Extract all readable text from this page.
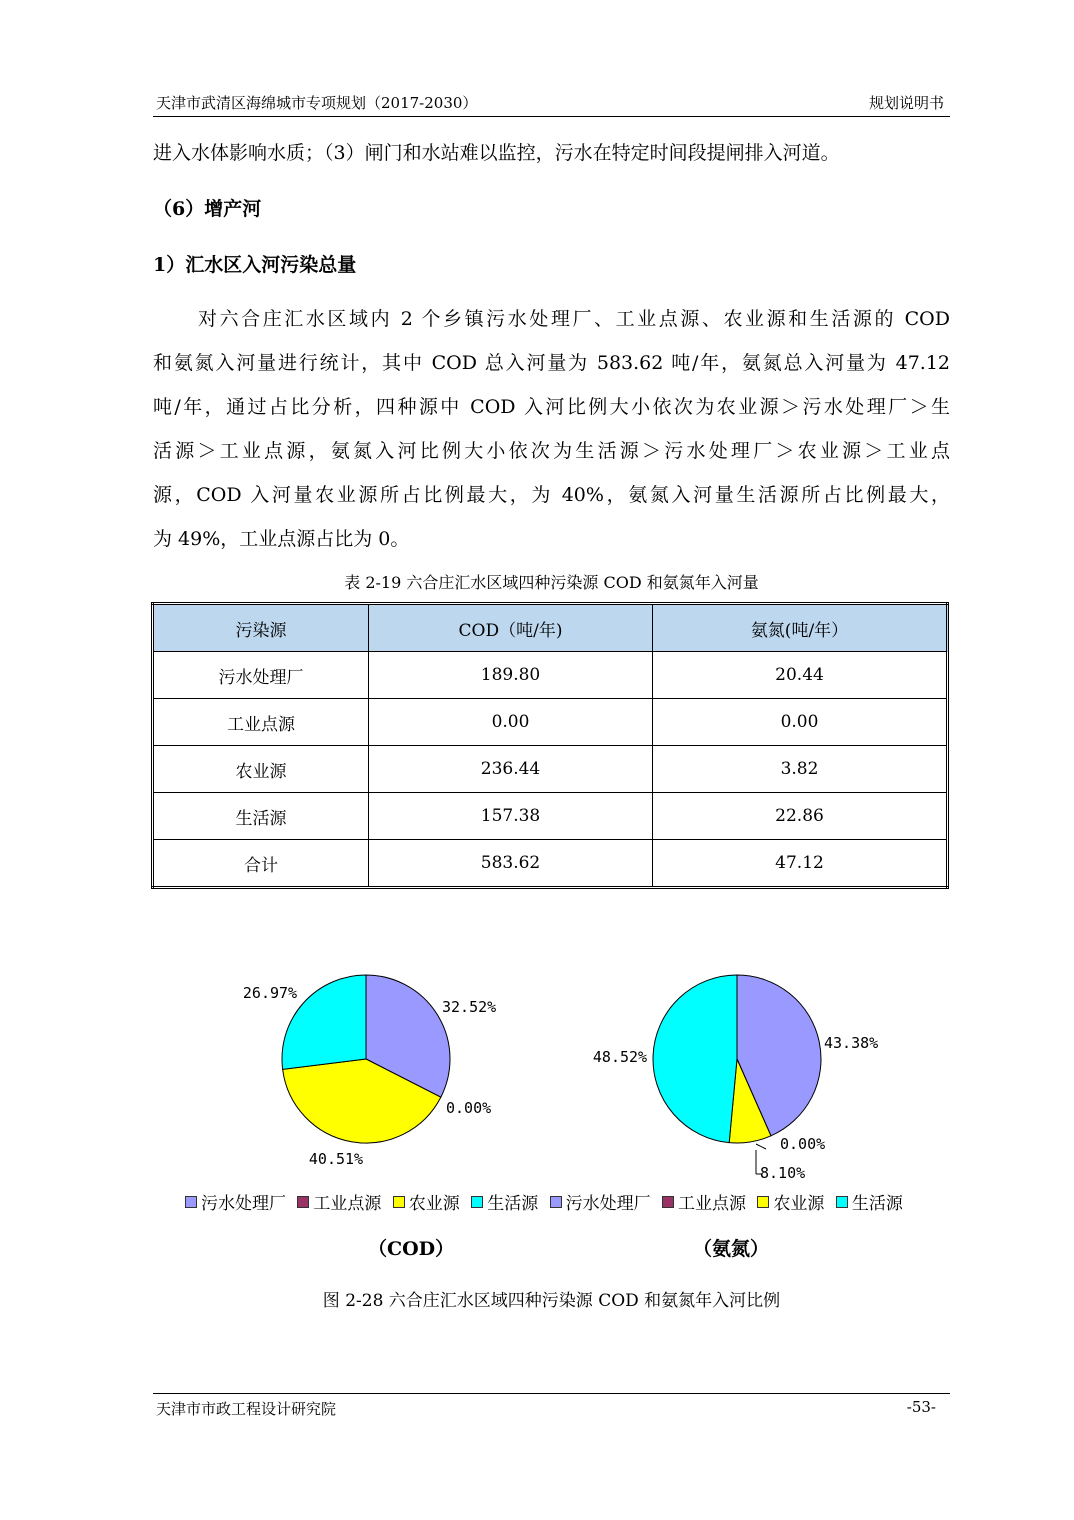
天津市武清区海绵城市专项规划（2017-2030）	规划说明书
进入水体影响水质；（3）闸门和水站难以监控，污水在特定时间段提闸排入河道。
（6）增产河
1）汇水区入河污染总量
对六合庄汇水区域内 2 个乡镇污水处理厂、工业点源、农业源和生活源的 COD
和氨氮入河量进行统计，其中 COD 总入河量为 583.62 吨/年，氨氮总入河量为 47.12
吨/年，通过占比分析，四种源中 COD 入河比例大小依次为农业源＞污水处理厂＞生
活源＞工业点源，氨氮入河比例大小依次为生活源＞污水处理厂＞农业源＞工业点
源，COD 入河量农业源所占比例最大，为 40%，氨氮入河量生活源所占比例最大，
为 49%，工业点源占比为 0。
表 2-19 六合庄汇水区域四种污染源 COD 和氨氮年入河量
污染源	COD（吨/年)	氨氮(吨/年）
污水处理厂	189.80	20.44
工业点源	0.00	0.00
农业源	236.44	3.82
生活源	157.38	22.86
合计	583.62	47.12
32.52%
0.00%
40.51%
26.97%
43.38%
0.00%
8.10%
48.52%
污水处理厂 工业点源 农业源 生活源 污水处理厂 工业点源 农业源 生活源
（COD）	（氨氮）
图 2-28 六合庄汇水区域四种污染源 COD 和氨氮年入河比例
天津市市政工程设计研究院	-53-
